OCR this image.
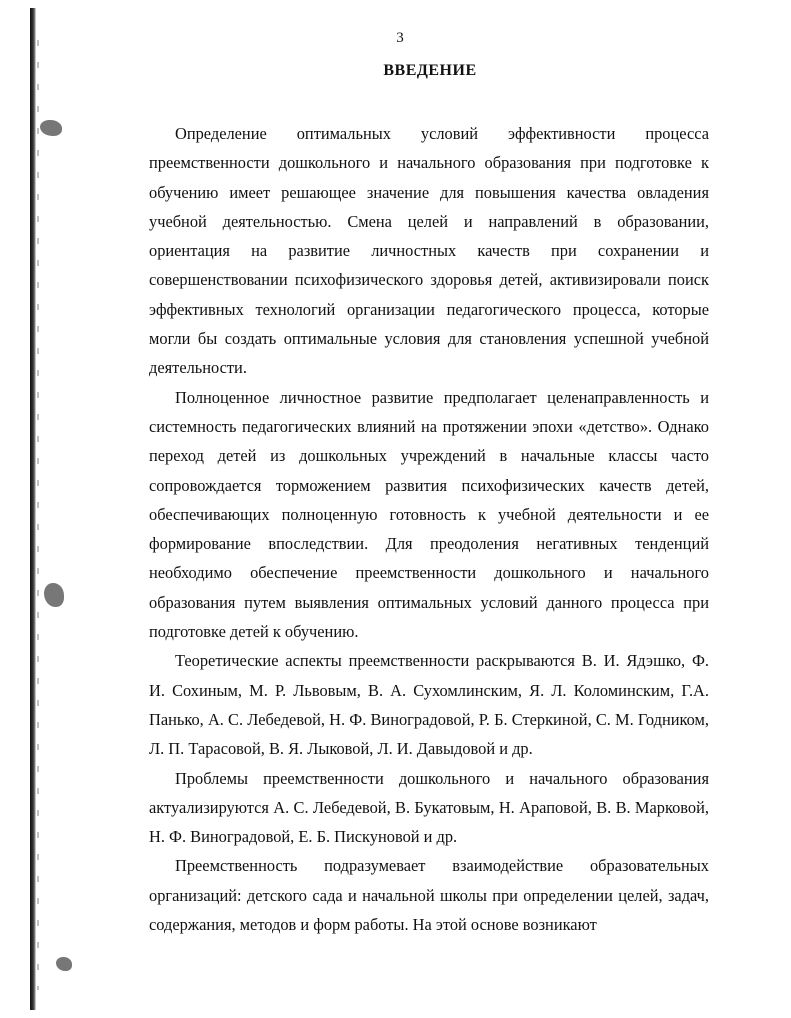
3
ВВЕДЕНИЕ

Определение оптимальных условий эффективности процесса преемственности дошкольного и начального образования при подготовке к обучению имеет решающее значение для повышения качества овладения учебной деятельностью. Смена целей и направлений в образовании, ориентация на развитие личностных качеств при сохранении и совершенствовании психофизического здоровья детей, активизировали поиск эффективных технологий организации педагогического процесса, которые могли бы создать оптимальные условия для становления успешной учебной деятельности.

Полноценное личностное развитие предполагает целенаправленность и системность педагогических влияний на протяжении эпохи «детство». Однако переход детей из дошкольных учреждений в начальные классы часто сопровождается торможением развития психофизических качеств детей, обеспечивающих полноценную готовность к учебной деятельности и ее формирование впоследствии. Для преодоления негативных тенденций необходимо обеспечение преемственности дошкольного и начального образования путем выявления оптимальных условий данного процесса при подготовке детей к обучению.

Теоретические аспекты преемственности раскрываются В. И. Ядэшко, Ф. И. Сохиным, М. Р. Львовым, В. А. Сухомлинским, Я. Л. Коломинским, Г.А. Панько, А. С. Лебедевой, Н. Ф. Виноградовой, Р. Б. Стеркиной, С. М. Годником, Л. П. Тарасовой, В. Я. Лыковой, Л. И. Давыдовой и др.

Проблемы преемственности дошкольного и начального образования актуализируются А. С. Лебедевой, В. Букатовым, Н. Араповой, В. В. Марковой, Н. Ф. Виноградовой, Е. Б. Пискуновой и др.

Преемственность подразумевает взаимодействие образовательных организаций: детского сада и начальной школы при определении целей, задач, содержания, методов и форм работы. На этой основе возникают
